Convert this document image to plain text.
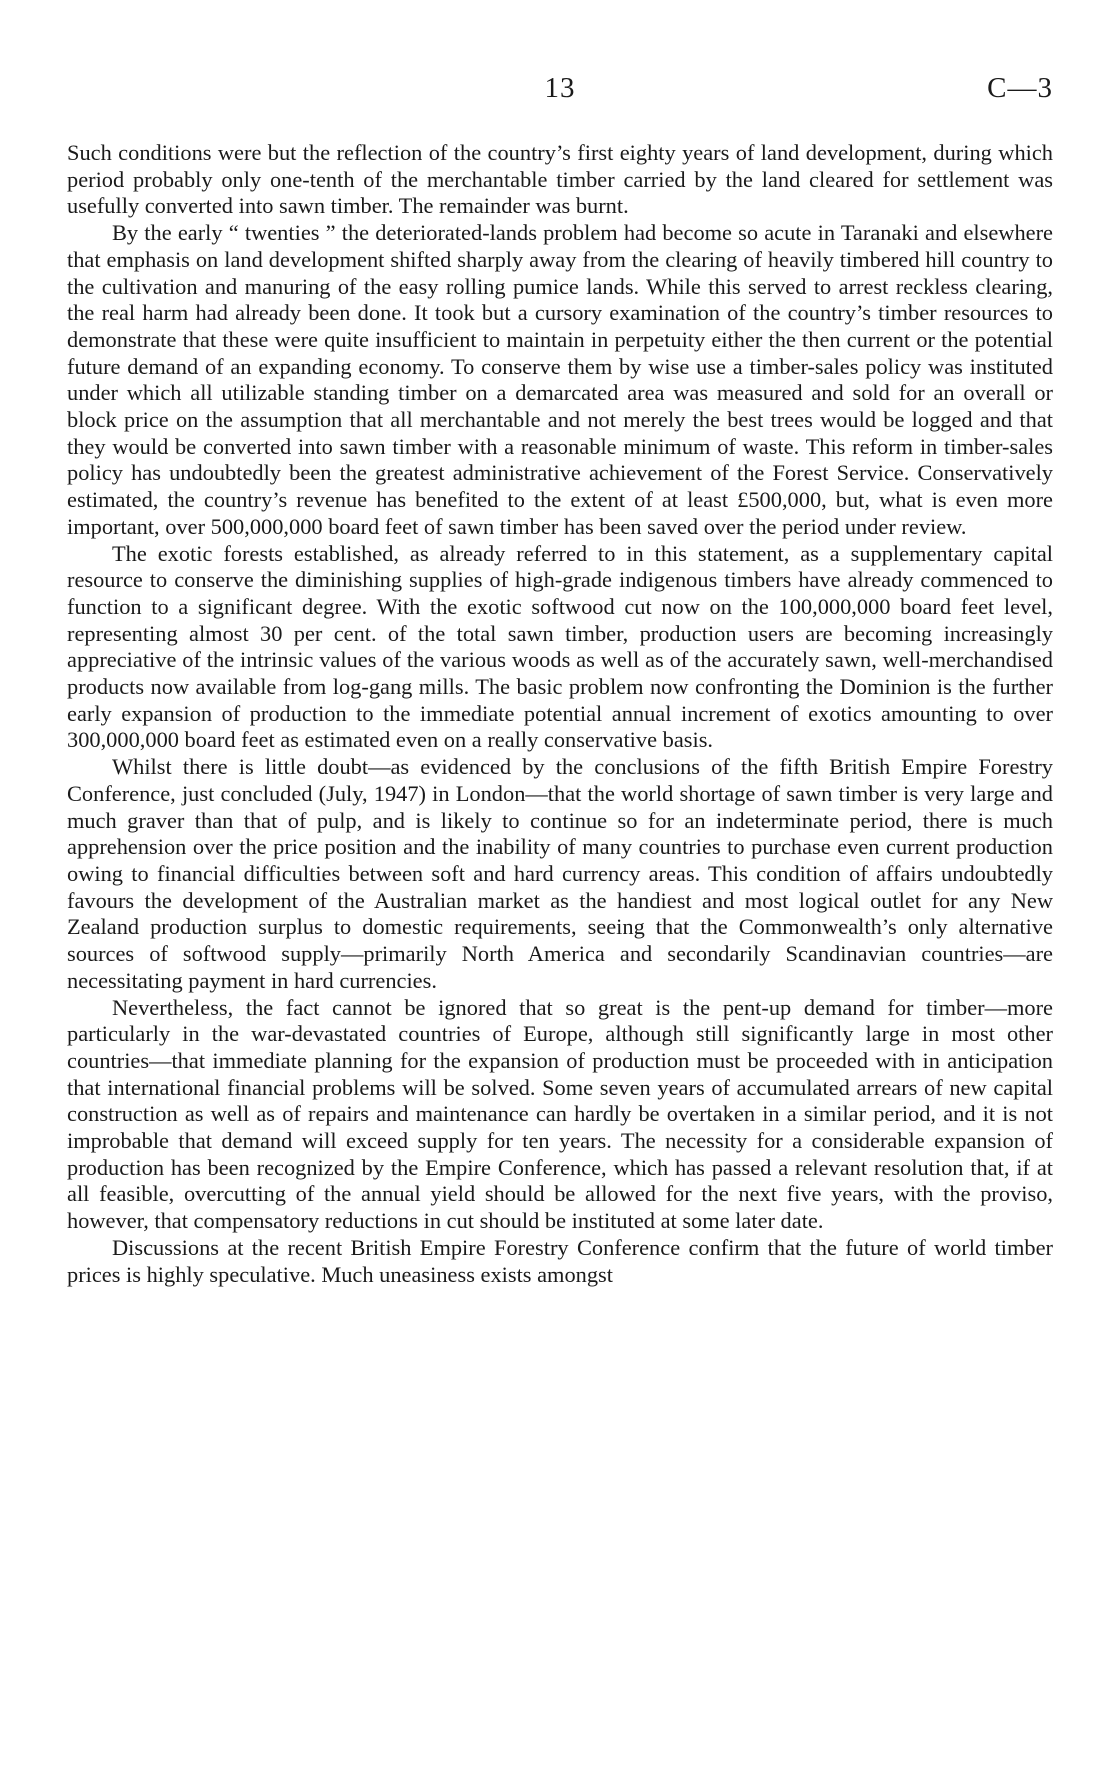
13	C—3

Such conditions were but the reflection of the country’s first eighty years of land development, during which period probably only one-tenth of the merchantable timber carried by the land cleared for settlement was usefully converted into sawn timber. The remainder was burnt.

By the early “ twenties ” the deteriorated-lands problem had become so acute in Taranaki and elsewhere that emphasis on land development shifted sharply away from the clearing of heavily timbered hill country to the cultivation and manuring of the easy rolling pumice lands. While this served to arrest reckless clearing, the real harm had already been done. It took but a cursory examination of the country’s timber resources to demonstrate that these were quite insufficient to maintain in perpetuity either the then current or the potential future demand of an expanding economy. To conserve them by wise use a timber-sales policy was instituted under which all utilizable standing timber on a demarcated area was measured and sold for an overall or block price on the assumption that all merchantable and not merely the best trees would be logged and that they would be converted into sawn timber with a reasonable minimum of waste. This reform in timber-sales policy has undoubtedly been the greatest administrative achievement of the Forest Service. Conservatively estimated, the country’s revenue has benefited to the extent of at least £500,000, but, what is even more important, over 500,000,000 board feet of sawn timber has been saved over the period under review.

The exotic forests established, as already referred to in this statement, as a supplementary capital resource to conserve the diminishing supplies of high-grade indigenous timbers have already commenced to function to a significant degree. With the exotic softwood cut now on the 100,000,000 board feet level, representing almost 30 per cent. of the total sawn timber, production users are becoming increasingly appreciative of the intrinsic values of the various woods as well as of the accurately sawn, well-merchandised products now available from log-gang mills. The basic problem now confronting the Dominion is the further early expansion of production to the immediate potential annual increment of exotics amounting to over 300,000,000 board feet as estimated even on a really conservative basis.

Whilst there is little doubt—as evidenced by the conclusions of the fifth British Empire Forestry Conference, just concluded (July, 1947) in London—that the world shortage of sawn timber is very large and much graver than that of pulp, and is likely to continue so for an indeterminate period, there is much apprehension over the price position and the inability of many countries to purchase even current production owing to financial difficulties between soft and hard currency areas. This condition of affairs undoubtedly favours the development of the Australian market as the handiest and most logical outlet for any New Zealand production surplus to domestic requirements, seeing that the Commonwealth’s only alternative sources of softwood supply—primarily North America and secondarily Scandinavian countries—are necessitating payment in hard currencies.

Nevertheless, the fact cannot be ignored that so great is the pent-up demand for timber—more particularly in the war-devastated countries of Europe, although still significantly large in most other countries—that immediate planning for the expansion of production must be proceeded with in anticipation that international financial problems will be solved. Some seven years of accumulated arrears of new capital construction as well as of repairs and maintenance can hardly be overtaken in a similar period, and it is not improbable that demand will exceed supply for ten years. The necessity for a considerable expansion of production has been recognized by the Empire Conference, which has passed a relevant resolution that, if at all feasible, overcutting of the annual yield should be allowed for the next five years, with the proviso, however, that compensatory reductions in cut should be instituted at some later date.

Discussions at the recent British Empire Forestry Conference confirm that the future of world timber prices is highly speculative. Much uneasiness exists amongst
